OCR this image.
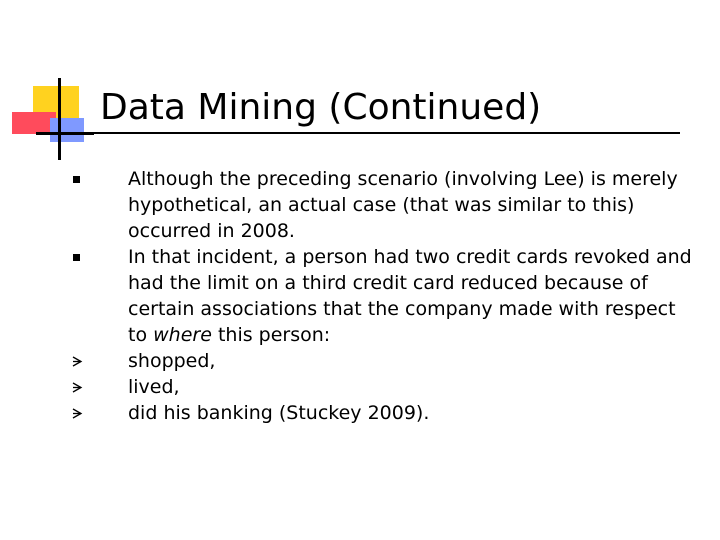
Data Mining (Continued)
Although the preceding scenario (involving Lee) is merely hypothetical, an actual case (that was similar to this) occurred in 2008.
In that incident, a person had two credit cards revoked and had the limit on a third credit card reduced because of certain associations that the company made with respect to where this person:
shopped,
lived,
did his banking (Stuckey 2009).
